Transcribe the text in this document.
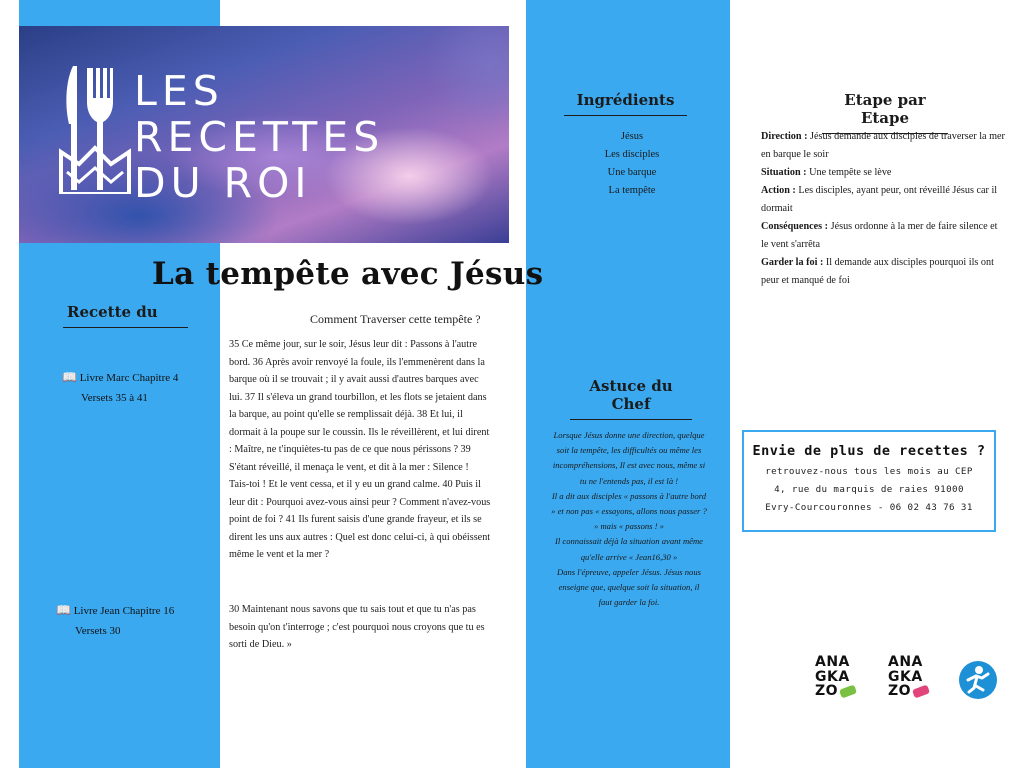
LES
RECETTES
DU ROI
La tempête avec Jésus
Recette du	Comment Traverser cette tempête ?
📖 Livre Marc Chapitre 4
Versets 35 à 41
📖 Livre Jean Chapitre 16
Versets 30
35 Ce même jour, sur le soir, Jésus leur dit : Passons à l'autre bord. 36 Après avoir renvoyé la foule, ils l'emmenèrent dans la barque où il se trouvait ; il y avait aussi d'autres barques avec lui. 37 Il s'éleva un grand tourbillon, et les flots se jetaient dans la barque, au point qu'elle se remplissait déjà. 38 Et lui, il dormait à la poupe sur le coussin. Ils le réveillèrent, et lui dirent : Maître, ne t'inquiètes-tu pas de ce que nous périssons ? 39 S'étant réveillé, il menaça le vent, et dit à la mer : Silence ! Tais-toi ! Et le vent cessa, et il y eu un grand calme. 40 Puis il leur dit : Pourquoi avez-vous ainsi peur ? Comment n'avez-vous point de foi ? 41 Ils furent saisis d'une grande frayeur, et ils se dirent les uns aux autres : Quel est donc celui-ci, à qui obéissent même le vent et la mer ?
30 Maintenant nous savons que tu sais tout et que tu n'as pas besoin qu'on t'interroge ; c'est pourquoi nous croyons que tu es sorti de Dieu. »
Ingrédients
Jésus
Les disciples
Une barque
La tempête
Astuce du Chef
Lorsque Jésus donne une direction, quelque
soit la tempête, les difficultés ou même les
incompréhensions, Il est avec nous, même si
tu ne l'entends pas, il est là !
Il a dit aux disciples « passons à l'autre bord
» et non pas « essayons, allons nous passer ?
» mais « passons ! »
Il connaissait déjà la situation avant même
qu'elle arrive « Jean16,30 »
Dans l'épreuve, appeler Jésus. Jésus nous
enseigne que, quelque soit la situation, il
faut garder la foi.
Etape par Etape
Direction : Jésus demande aux disciples de traverser la mer en barque le soir
Situation : Une tempête se lève
Action : Les disciples, ayant peur, ont réveillé Jésus car il dormait
Conséquences : Jésus ordonne à la mer de faire silence et le vent s'arrêta
Garder la foi : Il demande aux disciples pourquoi ils ont peur et manqué de foi
Envie de plus de recettes ?
retrouvez-nous tous les mois au CEP
4, rue du marquis de raies 91000
Evry-Courcouronnes - 06 02 43 76 31
ANA
GKA
ZO
ANA
GKA
ZO
